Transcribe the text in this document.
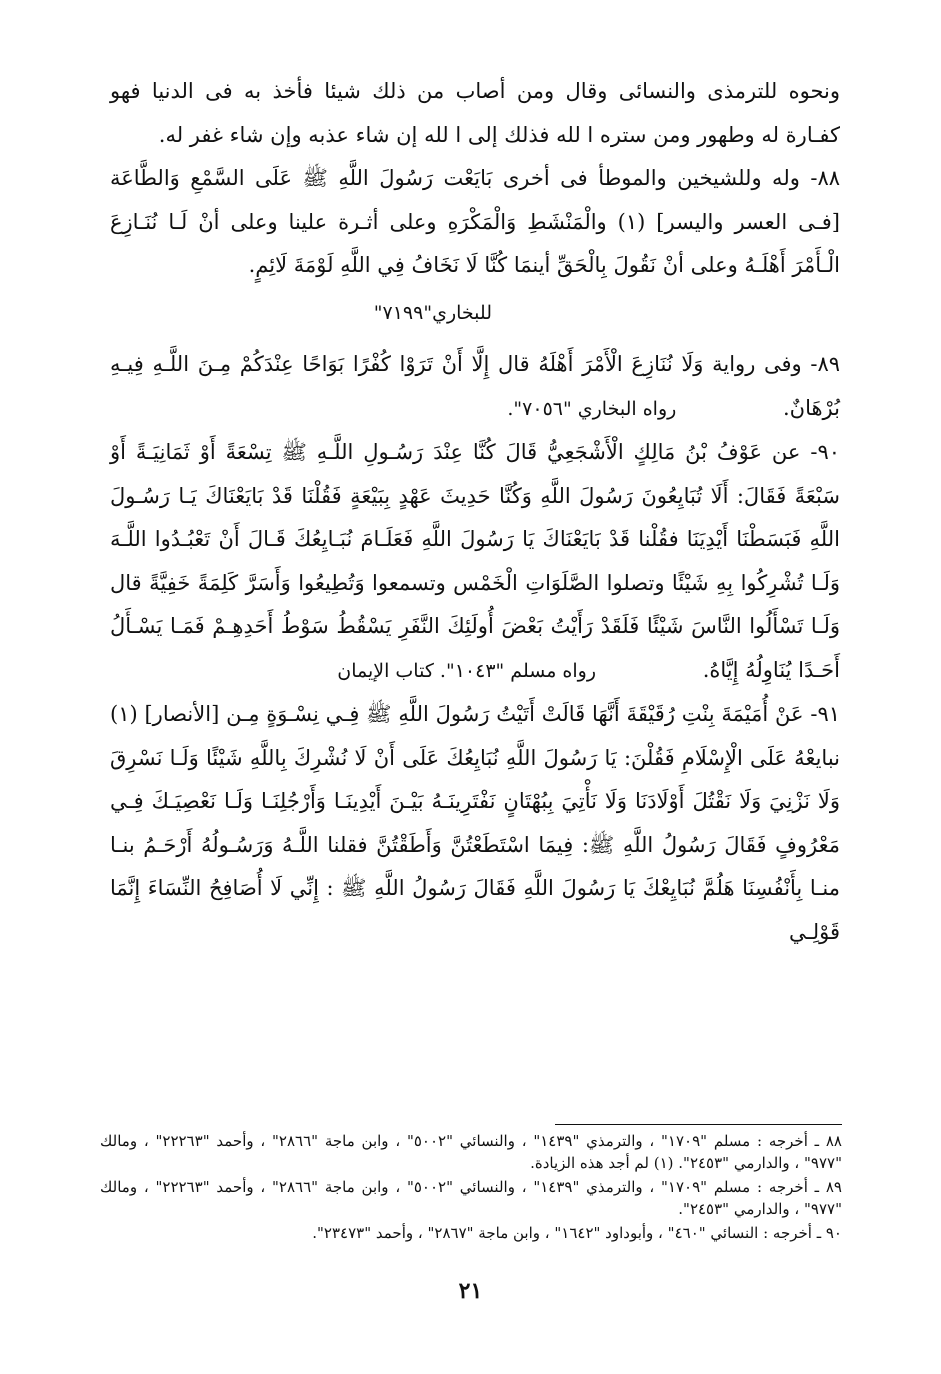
ونحوه للترمذى والنسائى وقال ومن أصاب من ذلك شيئا فأخذ به فى الدنيا فهو كفـارة له وطهور ومن ستره ا لله فذلك إلى ا لله إن شاء عذبه وإن شاء غفر له.

٨٨- وله وللشيخين والموطأ فى أخرى بَايَعْت رَسُولَ اللَّهِ ﷺ عَلَى السَّمْعِ وَالطَّاعَة [فـى العسر واليسر] (١) والْمَنْشَطِ وَالْمَكْرَهِ وعلى أثـرة علينا وعلى أنْ لَـا نُنَـازِعَ الْـأَمْرَ أَهْلَـهُ وعلى أنْ نَقُولَ بِالْحَقِّ أينمَا كُنَّا لَا نَخَافُ فِي اللَّهِ لَوْمَةَ لَائِمٍ.

للبخاري"٧١٩٩"

٨٩- وفى رواية وَلَا نُنَازِعَ الْأَمْرَ أَهْلَهُ قال إِلَّا أَنْ تَرَوْا كُفْرًا بَوَاحًا عِنْدَكُمْ مِـنَ اللَّـهِ فِيـهِ بُرْهَانٌ. رواه البخاري "٧٠٥٦".

٩٠- عن عَوْفُ بْنُ مَالِكٍ الْأَشْجَعِيُّ قَالَ كُنَّا عِنْدَ رَسُـولِ اللَّـهِ ﷺ تِسْعَةً أَوْ ثَمَانِيَـةً أَوْ سَبْعَةً فَقَالَ: أَلَا تُبَايِعُونَ رَسُولَ اللَّهِ وَكُنَّا حَدِيثَ عَهْدٍ بِبَيْعَةٍ فَقُلْنَا قَدْ بَايَعْنَاكَ يَـا رَسُـولَ اللَّهِ فَبَسَطْنَا أَيْدِيَنَا فقُلْنا قَدْ بَايَعْنَاكَ يَا رَسُولَ اللَّهِ فَعَلَـامَ نُبَـايِعُكَ قَـالَ أَنْ تَعْبُـدُوا اللَّـهَ وَلَـا تُشْرِكُوا بِهِ شَيْئًا وتصلوا الصَّلَوَاتِ الْخَمْس وتسمعوا وَتُطِيعُوا وَأَسَرَّ كَلِمَةً خَفِيَّةً قال وَلَـا تَسْأَلُوا النَّاسَ شَيْئًا فَلَقَدْ رَأَيْتُ بَعْضَ أُولَئِكَ النَّفَرِ يَسْقُطُ سَوْطُ أَحَدِهِـمْ فَمَـا يَسْـأَلُ أَحَـدًا يُنَاوِلُهُ إِيَّاهُ. رواه مسلم "١٠٤٣". كتاب الإيمان

٩١- عَنْ أُمَيْمَةَ بِنْتِ رُقَيْقَةَ أَنَّهَا قَالَتْ أَتَيْتُ رَسُولَ اللَّهِ ﷺ فِـي نِسْـوَةٍ مِـن [الأنصار] (١) نبايعْهُ عَلَى الْإِسْلَامِ فَقُلْنَ: يَا رَسُولَ اللَّهِ نُبَايِعُكَ عَلَى أَنْ لَا نُشْرِكَ بِاللَّهِ شَيْئًا وَلَـا نَسْرِقَ وَلَا نَزْنِيَ وَلَا نَقْتُلَ أَوْلَادَنَا وَلَا نَأْتِيَ بِبُهْتَانٍ نَفْتَرِينَـهُ بَيْـنَ أَيْدِينَـا وَأَرْجُلِنَـا وَلَـا نَعْصِيَـكَ فِـي مَعْرُوفٍ فَقَالَ رَسُولُ اللَّهِ ﷺ: فِيمَا اسْتَطَعْتُنَّ وَأَطَقْتُنَّ فقلنا اللَّـهُ وَرَسُـولُهُ أَرْحَـمُ بنـا منـا بِأَنْفُسِنَا هَلُمَّ نُبَايِعْكَ يَا رَسُولَ اللَّهِ فَقَالَ رَسُولُ اللَّهِ ﷺ : إِنِّي لَا أُصَافِحُ النِّسَاءَ إِنَّمَا قَوْلِـي

٨٨ ـ أخرجه : مسلم "١٧٠٩" ، والترمذي "١٤٣٩" ، والنسائي "٥٠٠٢" ، وابن ماجة "٢٨٦٦" ، وأحمد "٢٢٢٦٣" ، ومالك "٩٧٧" ، والدارمي "٢٤٥٣". (١) لم أجد هذه الزيادة.

٨٩ ـ أخرجه : مسلم "١٧٠٩" ، والترمذي "١٤٣٩" ، والنسائي "٥٠٠٢" ، وابن ماجة "٢٨٦٦" ، وأحمد "٢٢٢٦٣" ، ومالك "٩٧٧" ، والدارمي "٢٤٥٣".

٩٠ ـ أخرجه : النسائي "٤٦٠" ، وأبوداود "١٦٤٢" ، وابن ماجة "٢٨٦٧" ، وأحمد "٢٣٤٧٣".

٢١
